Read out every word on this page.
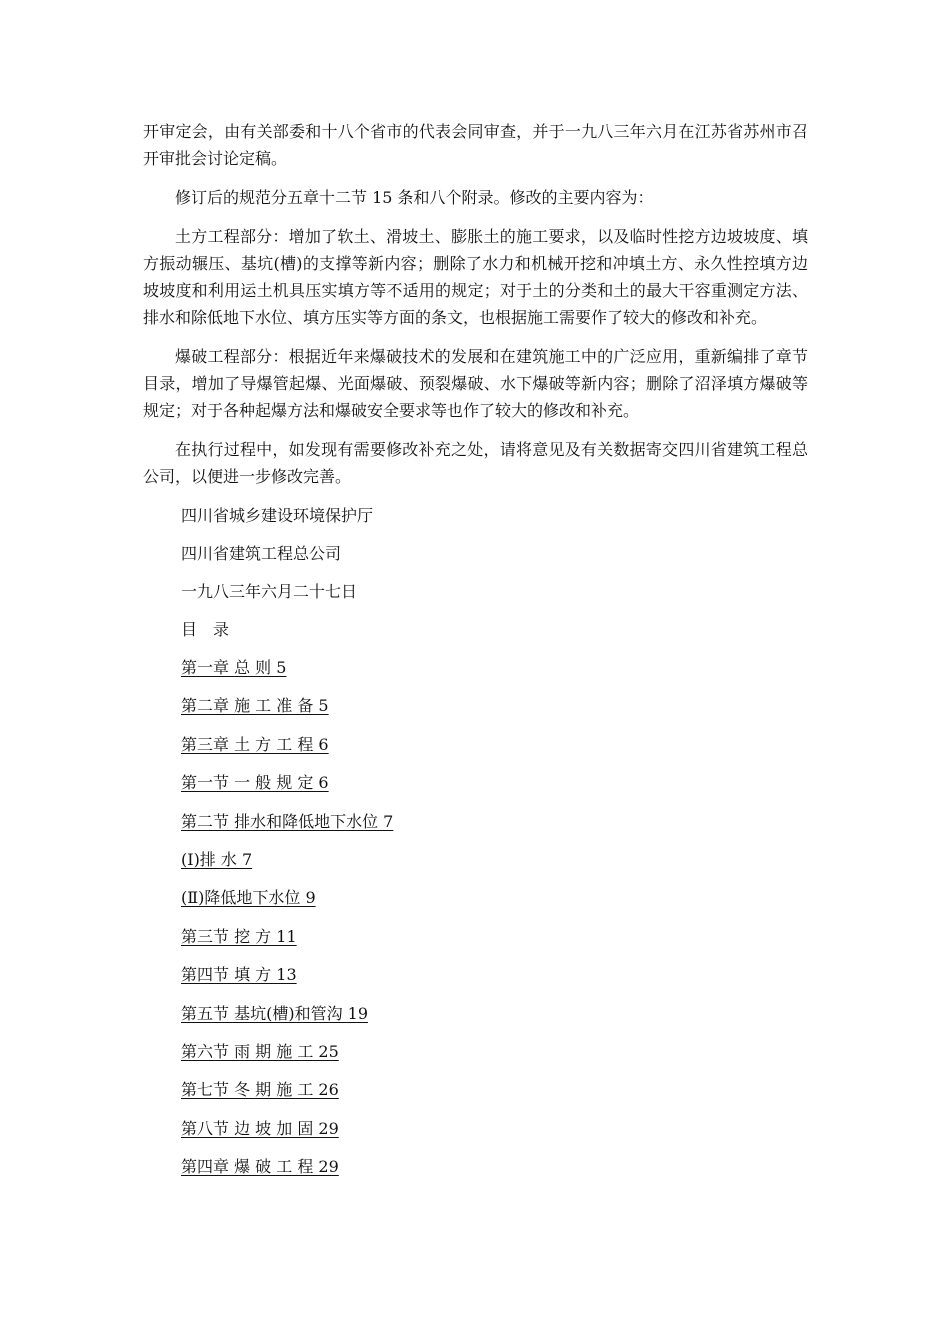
开审定会，由有关部委和十八个省市的代表会同审查，并于一九八三年六月在江苏省苏州市召开审批会讨论定稿。

修订后的规范分五章十二节 15 条和八个附录。修改的主要内容为：

土方工程部分：增加了软土、滑坡土、膨胀土的施工要求，以及临时性挖方边坡坡度、填方振动辗压、基坑(槽)的支撑等新内容；删除了水力和机械开挖和冲填土方、永久性控填方边坡坡度和利用运土机具压实填方等不适用的规定；对于土的分类和土的最大干容重测定方法、排水和除低地下水位、填方压实等方面的条文，也根据施工需要作了较大的修改和补充。

爆破工程部分：根据近年来爆破技术的发展和在建筑施工中的广泛应用，重新编排了章节目录，增加了导爆管起爆、光面爆破、预裂爆破、水下爆破等新内容；删除了沼泽填方爆破等规定；对于各种起爆方法和爆破安全要求等也作了较大的修改和补充。

在执行过程中，如发现有需要修改补充之处，请将意见及有关数据寄交四川省建筑工程总公司，以便进一步修改完善。

四川省城乡建设环境保护厅

四川省建筑工程总公司

一九八三年六月二十七日

目　录

第一章 总 则 5
第二章 施 工 准 备 5
第三章 土 方 工 程 6
第一节 一 般 规 定 6
第二节 排水和降低地下水位 7
(Ⅰ)排 水 7
(Ⅱ)降低地下水位 9
第三节 挖 方 11
第四节 填 方 13
第五节 基坑(槽)和管沟 19
第六节 雨 期 施 工 25
第七节 冬 期 施 工 26
第八节 边 坡 加 固 29
第四章 爆 破 工 程 29
